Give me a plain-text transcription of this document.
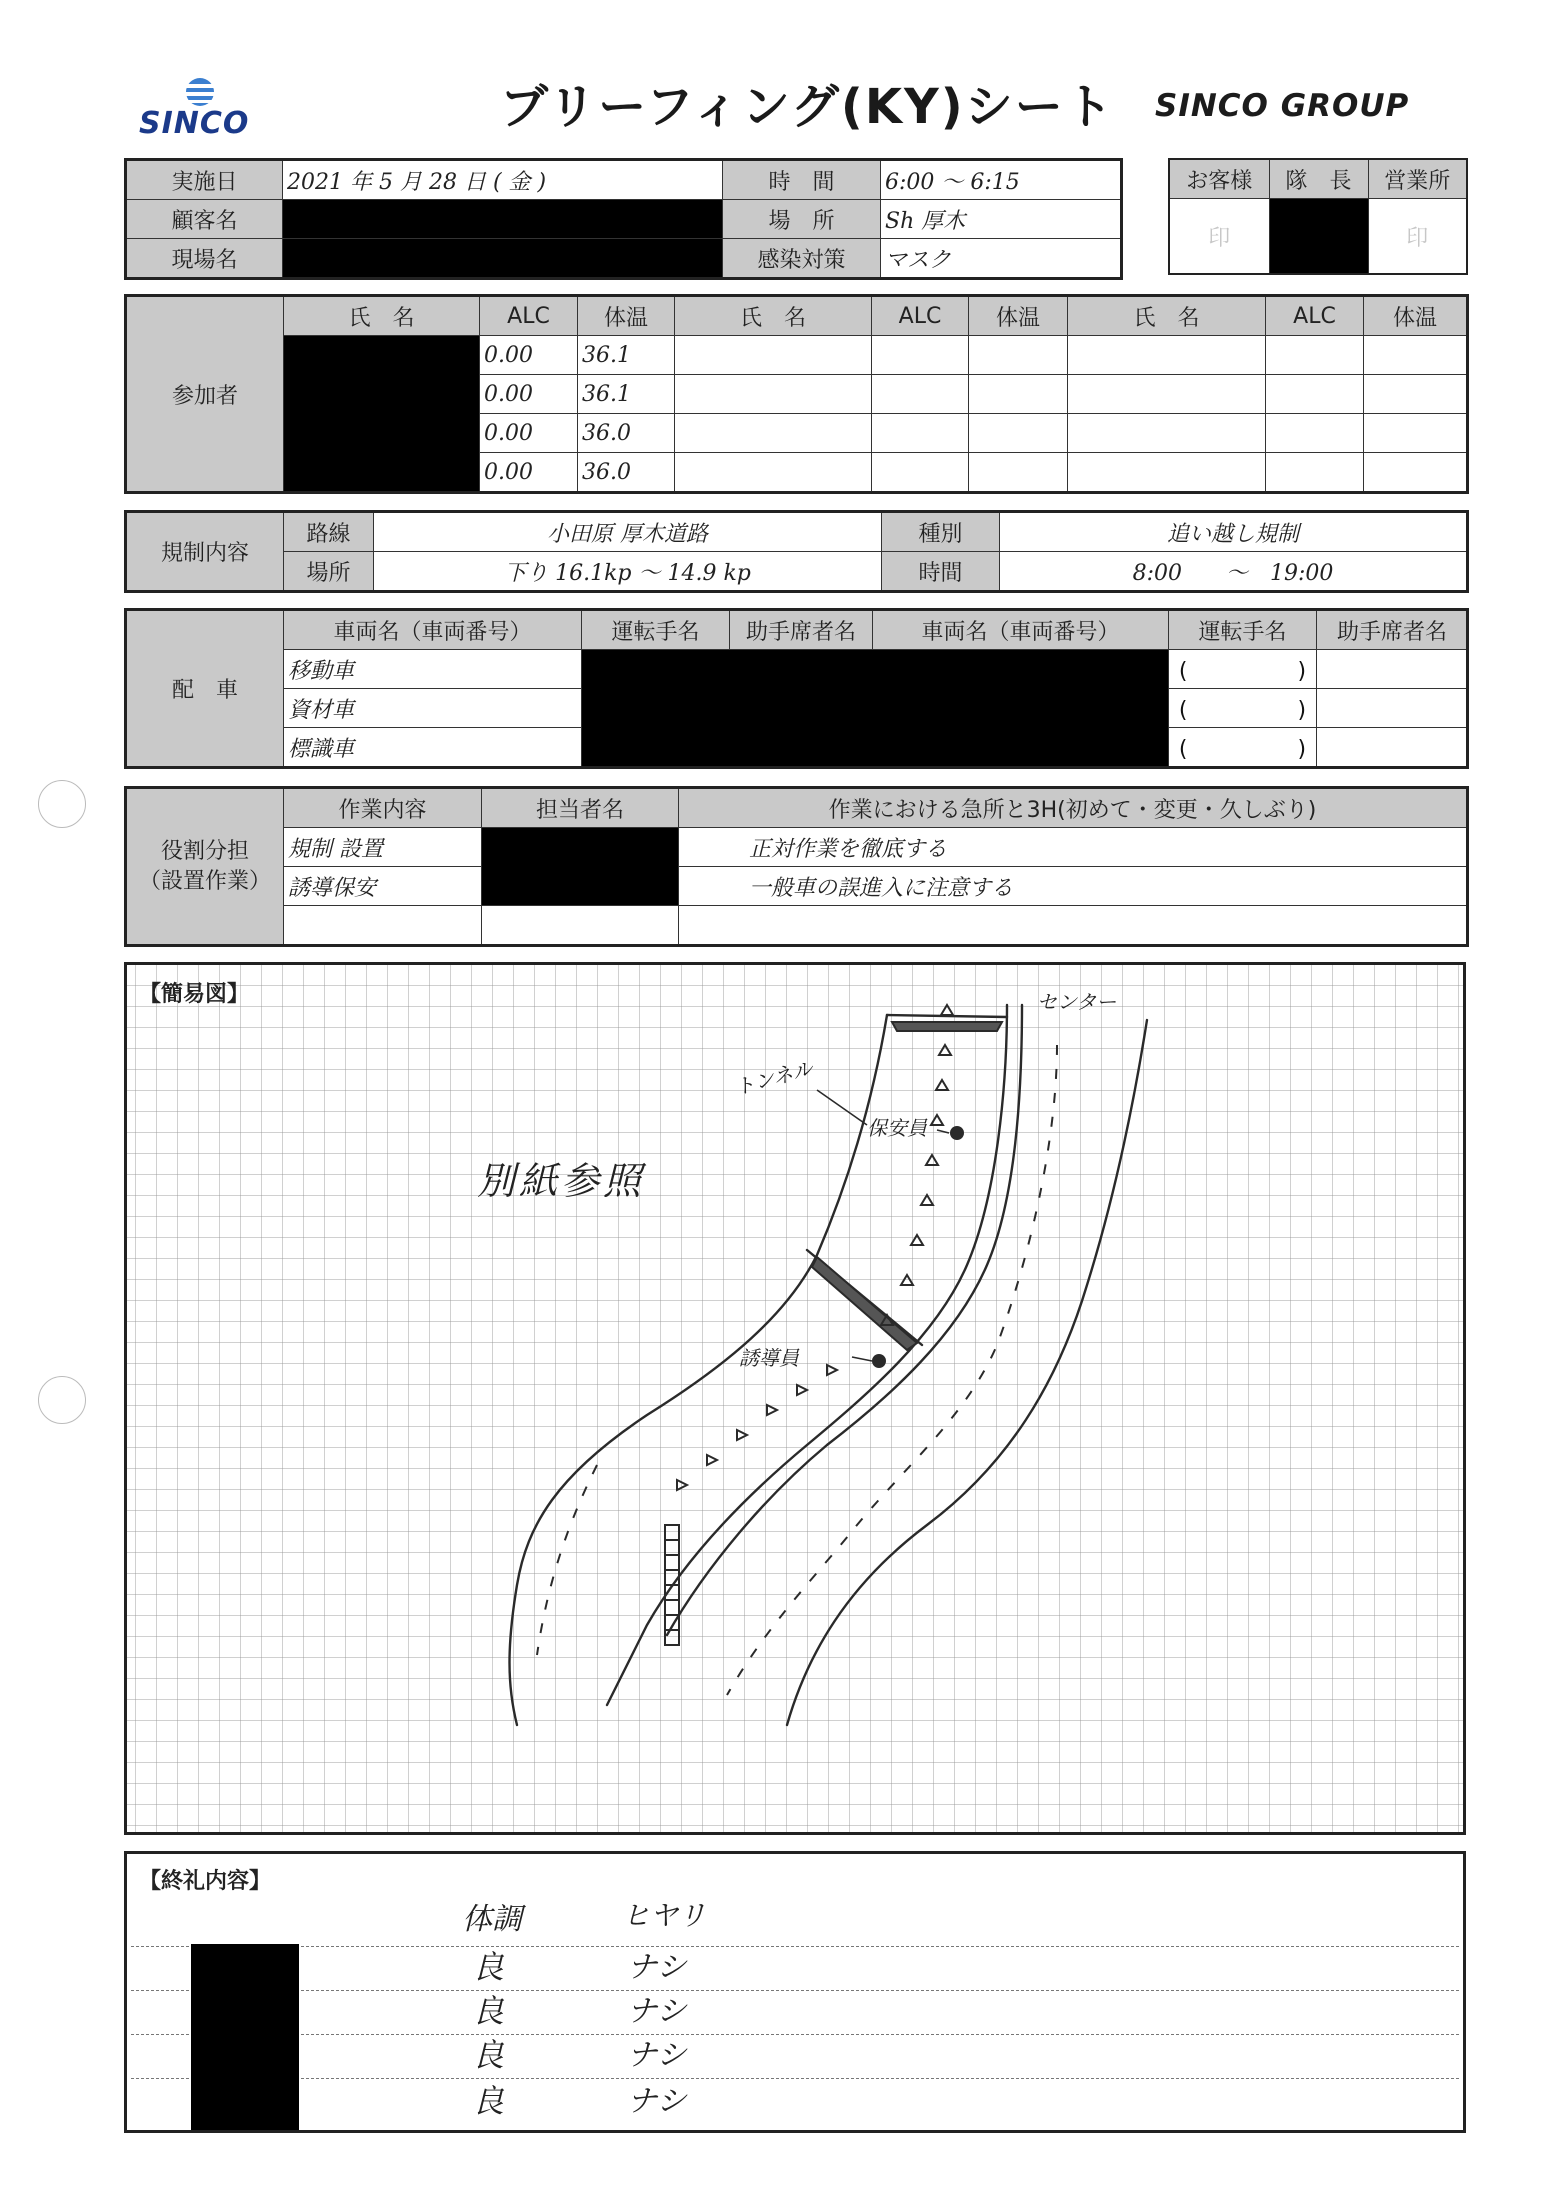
SINCO	ブリーフィング(KY)シート SINCO GROUP
実施日	2021 年 5 月 28 日 ( 金 )	時　間	6:00 〜 6:15
顧客名		場　所	Sh 厚木
現場名		感染対策	マスク
お客様	隊　長	営業所
印		印
参加者	氏　名	ALC	体温	氏　名	ALC	体温	氏　名	ALC	体温
		0.00	36.1						
		0.00	36.1						
		0.00	36.0						
		0.00	36.0						
規制内容	路線	小田原 厚木道路	種別	追い越し規制
	場所	下り 16.1kp 〜 14.9 kp	時間	8:00　　〜　19:00
配　車	車両名（車両番号）	運転手名	助手席者名	車両名（車両番号）	運転手名	助手席者名	
	移動車				(　　　　　)		
	資材車				(　　　　　)		
	標識車				(　　　　　)		
役割分担
（設置作業）	作業内容	担当者名	作業における急所と3H(初めて・変更・久しぶり)
	規制 設置		正対作業を徹底する
	誘導保安		一般車の誤進入に注意する

【簡易図】
別紙参照
トンネル
保安員
誘導員
センター
【終礼内容】
体調	ヒヤリ
良	ナシ
良	ナシ
良	ナシ
良	ナシ
